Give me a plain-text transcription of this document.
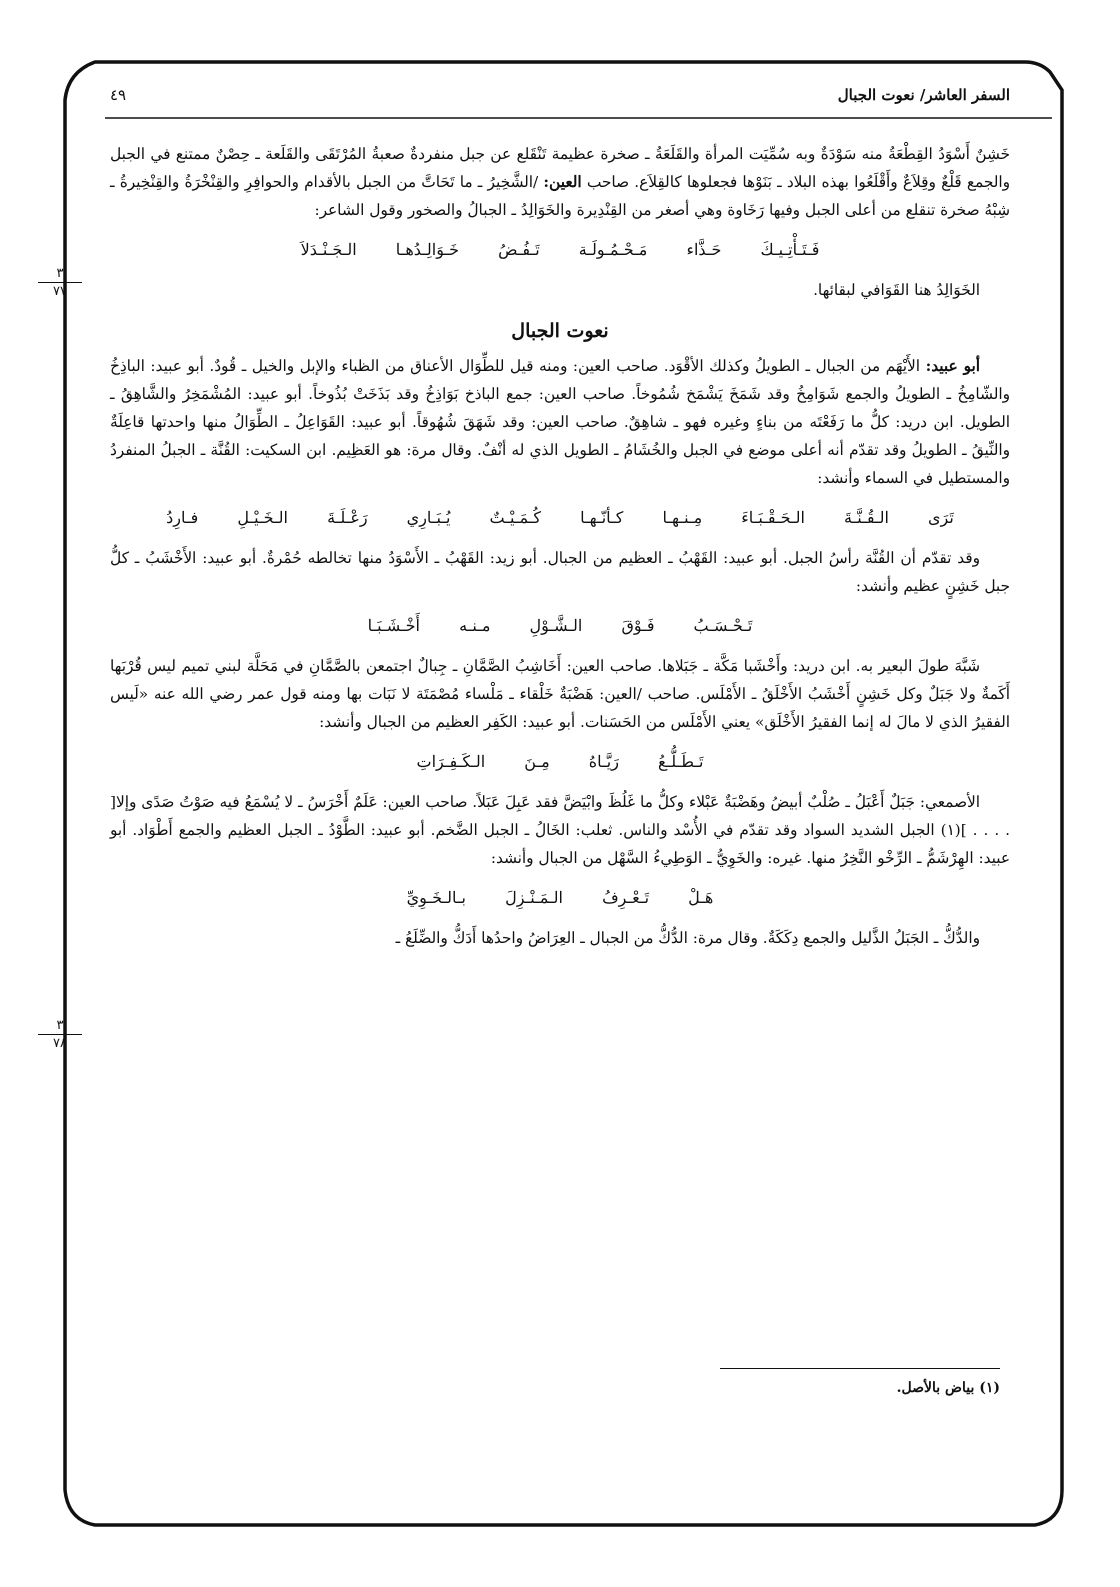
السفر العاشر/ نعوت الجبال
٤٩
٣
٧٧
٣
٧٨

خَشِنٌ أَسْوَدُ القِطْعَةُ منه سَوْدَةٌ وبه سُمِّيَت المرأة والقَلَعَةُ ـ صخرة عظيمة تَنْقَلع عن جبل منفردةٌ صعبةُ المُرْتَقَى والقَلَعة ـ حِصْنٌ ممتنع في الجبل والجمع قَلْعٌ وقِلاَعٌ وأَقْلَعُوا بهذه البلاد ـ بَنَوْها فجعلوها كالقِلاَع. صاحب العين: /الشَّخِيرُ ـ ما تَحَاتَّ من الجبل بالأقدام والحوافِرِ والقِنْخْرَةُ والقِنْخِيرةُ ـ شِبْهُ صخرة تنقلع من أعلى الجبل وفيها رَخَاوة وهي أصغر من القِنْدِيرة والخَوَالِدُ ـ الجبالُ والصخور وقول الشاعر:

فَـتَـأْتِـيـكَ حَـذَّاء مَـحْـمُـولَـة تَـفُـضُ خَـوَالِـدُهـا الـجَـنْـدَلاَ

الخَوَالِدُ هنا القَوَافي لبقائها.

نعوت الجبال

أبو عبيد: الأَيْهَم من الجبال ـ الطويلُ وكذلك الأقْوَد. صاحب العين: ومنه قيل للطِّوَال الأعناق من الظباء والإبل والخيل ـ قُودٌ. أبو عبيد: الباذِخُ والشّامِخُ ـ الطويلُ والجمع شَوَامِخُ وقد شَمَخَ يَشْمَخ شُمُوخاً. صاحب العين: جمع الباذخ بَوَاذِخُ وقد بَذَخَتْ بُذُوخاً. أبو عبيد: المُشْمَخِرُ والشَّاهِقُ ـ الطويل. ابن دريد: كلُّ ما رَفَعْتَه من بناءٍ وغيره فهو ـ شاهِقٌ. صاحب العين: وقد شَهَقَ شُهُوقاً. أبو عبيد: القَوَاعِلُ ـ الطِّوَالُ منها واحدتها قاعِلَةٌ والنِّيقُ ـ الطويلُ وقد تقدّم أنه أعلى موضع في الجبل والخُشَامُ ـ الطويل الذي له أنْفٌ. وقال مرة: هو العَظِيم. ابن السكيت: القُنَّة ـ الجبلُ المنفردُ والمستطيل في السماء وأنشد:

تَرَى الـقُـنَّـةَ الـحَـقْـبَـاءَ مِـنـهـا كـأنّـهـا كُـمَـيْـتٌ يُـبَـارِي رَعْـلَـةَ الـخَـيْـلِ فـارِدُ

وقد تقدّم أن القُنَّة رأسُ الجبل. أبو عبيد: القَهْبُ ـ العظيم من الجبال. أبو زيد: القَهْبُ ـ الأَسْوَدُ منها تخالطه حُمْرةٌ. أبو عبيد: الأَخْشَبُ ـ كلُّ جبل خَشِنٍ عظيم وأنشد:

تَـحْـسَـبُ فَـوْقَ الـشَّـوْلِ مـنـه أَخْـشَـبَـا

شَبَّهَ طولَ البعير به. ابن دريد: وأَخْشَبا مَكَّة ـ جَبَلاها. صاحب العين: أَخَاشِبُ الصَّمَّانِ ـ جِبالٌ اجتمعن بالصَّمَّانِ في مَحَلَّة لبني تميم ليس قُرْبَها أَكَمةٌ ولا جَبَلٌ وكل خَشِنٍ أَخْشَبُ الأَخْلَقُ ـ الأَمْلَس. صاحب /العين: هَضْبَةٌ خَلْقاء ـ مَلْساء مُصْمَتَة لا نَبَات بها ومنه قول عمر رضي الله عنه «لَيس الفقيرُ الذي لا مالَ له إنما الفقيرُ الأَخْلَق» يعني الأَمْلَس من الحَسَنات. أبو عبيد: الكَفِر العظيم من الجبال وأنشد:

تَـطَـلُّـعُ رَيَّـاهُ مِـنَ الـكَـفِـرَاتِ

الأصمعي: جَبَلٌ أَعْبَلُ ـ صُلْبٌ أبيضُ وهَضْبَةٌ عَبْلاء وكلُّ ما غَلُظَ وابْيَضَّ فقد عَبِلَ عَبَلاً. صاحب العين: عَلَمٌ أَخْرَسُ ـ لا يُسْمَعُ فيه صَوْتُ صَدًى وإلا[ . . . . ](١) الجبل الشديد السواد وقد تقدّم في الأُسْد والناس. ثعلب: الخَالُ ـ الجبل الضَّخم. أبو عبيد: الطَّوْدُ ـ الجبل العظيم والجمع أَطْوَاد. أبو عبيد: الهِرْشَمُّ ـ الرِّخْو النَّخِرُ منها. غيره: والخَوِيُّ ـ الوَطِيءُ السَّهْل من الجبال وأنشد:

هَـلْ تَـعْـرِفُ الـمَـنْـزِلَ بـالـخَـوِيِّ

والدُّكُّ ـ الجَبَلُ الذَّليل والجمع دِكَكَةٌ. وقال مرة: الدُّكُّ من الجبال ـ العِرَاضُ واحدُها أَدَكُّ والضِّلَعُ ـ

(١) بياض بالأصل.
